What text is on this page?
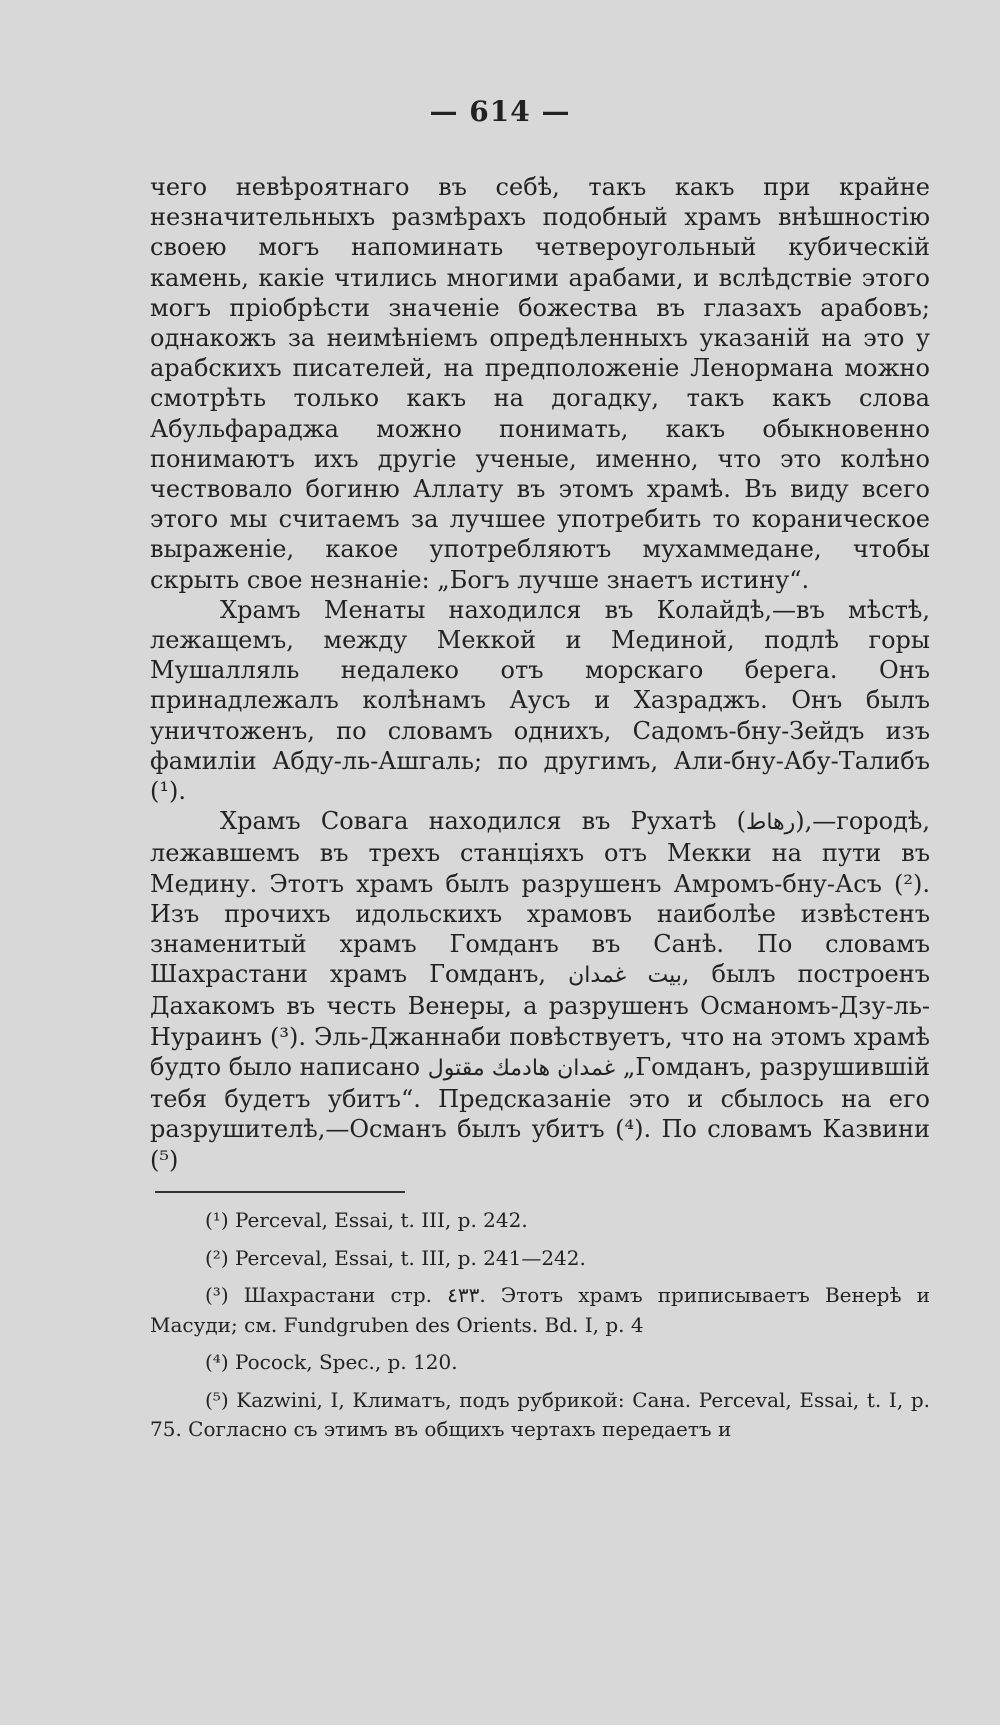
— 614 —

чего невѣроятнаго въ себѣ, такъ какъ при крайне незначительныхъ размѣрахъ подобный храмъ внѣшностію своею могъ напоминать четвероугольный кубическій камень, какіе чтились многими арабами, и вслѣдствіе этого могъ пріобрѣсти значеніе божества въ глазахъ арабовъ; однакожъ за неимѣніемъ опредѣленныхъ указаній на это у арабскихъ писателей, на предположеніе Ленормана можно смотрѣть только какъ на догадку, такъ какъ слова Абульфараджа можно понимать, какъ обыкновенно понимаютъ ихъ другіе ученые, именно, что это колѣно чествовало богиню Аллату въ этомъ храмѣ. Въ виду всего этого мы считаемъ за лучшее употребить то кораническое выраженіе, какое употребляютъ мухаммедане, чтобы скрыть свое незнаніе: „Богъ лучше знаетъ истину“.

Храмъ Менаты находился въ Колайдѣ,—въ мѣстѣ, лежащемъ, между Меккой и Мединой, подлѣ горы Мушалляль недалеко отъ морскаго берега. Онъ принадлежалъ колѣнамъ Аусъ и Хазраджъ. Онъ былъ уничтоженъ, по словамъ однихъ, Садомъ-бну-Зейдъ изъ фамиліи Абду-ль-Ашгаль; по другимъ, Али-бну-Абу-Талибъ (¹).

Храмъ Совага находился въ Рухатѣ (رهاط),—городѣ, лежавшемъ въ трехъ станціяхъ отъ Мекки на пути въ Медину. Этотъ храмъ былъ разрушенъ Амромъ-бну-Асъ (²). Изъ прочихъ идольскихъ храмовъ наиболѣе извѣстенъ знаменитый храмъ Гомданъ въ Санѣ. По словамъ Шахрастани храмъ Гомданъ, بيت غمدان, былъ построенъ Дахакомъ въ честь Венеры, а разрушенъ Османомъ-Дзу-ль-Нураинъ (³). Эль-Джаннаби повѣствуетъ, что на этомъ храмѣ будто было написано غمدان هادمك مقتول „Гомданъ, разрушившій тебя будетъ убитъ“. Предсказаніе это и сбылось на его разрушителѣ,—Османъ былъ убитъ (⁴). По словамъ Казвини (⁵)

(¹) Perceval, Essai, t. III, p. 242.

(²) Perceval, Essai, t. III, p. 241—242.

(³) Шахрастани стр. ٤٣٣. Этотъ храмъ приписываетъ Венерѣ и Масуди; см. Fundgruben des Orients. Bd. I, p. 4

(⁴) Pocock, Spec., p. 120.

(⁵) Kazwini, I, Климатъ, подъ рубрикой: Сана. Perceval, Essai, t. I, p. 75. Согласно съ этимъ въ общихъ чертахъ передаетъ и
